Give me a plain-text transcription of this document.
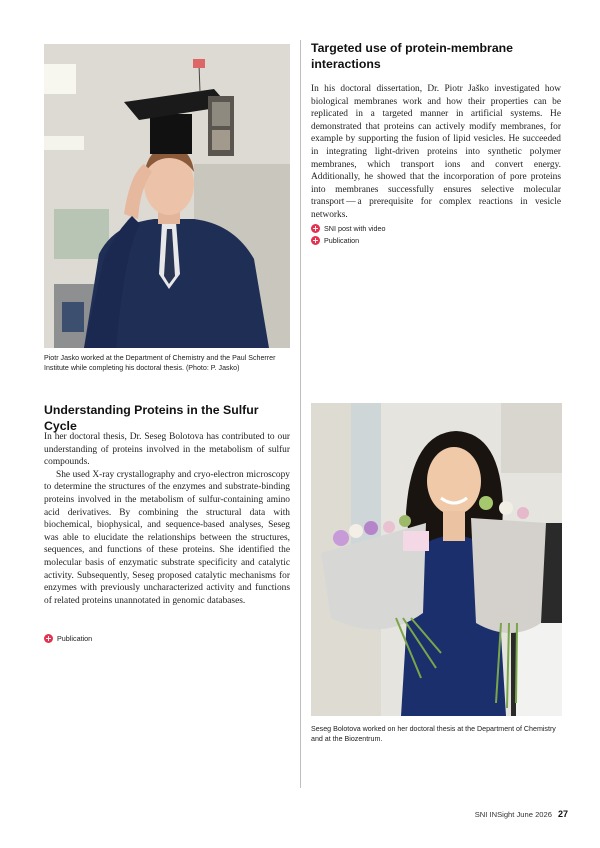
Piotr Jasko worked at the Department of Chemistry and the Paul Scherrer Institute while completing his doctoral thesis. (Photo: P. Jasko)
Targeted use of protein-membrane interactions
In his doctoral dissertation, Dr. Piotr Jaško investigated how biological membranes work and how their properties can be replicated in a targeted manner in artificial systems. He demonstrated that proteins can actively modify membranes, for example by supporting the fusion of lipid vesicles. He succeeded in integrating light-driven proteins into synthetic polymer membranes, which transport ions and convert energy. Additionally, he showed that the incorporation of pore proteins into membranes successfully ensures selective molecular transport — a prerequisite for complex reactions in vesicle networks.
+ SNI post with video
+ Publication
Understanding Proteins in the Sulfur Cycle

In her doctoral thesis, Dr. Seseg Bolotova has contributed to our understanding of proteins involved in the metabolism of sulfur compounds.

She used X-ray crystallography and cryo-electron microscopy to determine the structures of the enzymes and substrate-binding proteins involved in the metabolism of sulfur-containing amino acid derivatives. By combining the structural data with biochemical, biophysical, and sequence-based analyses, Seseg was able to elucidate the relationships between the structures, sequences, and functions of these proteins. She identified the molecular basis of enzymatic substrate specificity and catalytic activity. Subsequently, Seseg proposed catalytic mechanisms for enzymes with previously uncharacterized activity and functions of related proteins unannotated in genomic databases.

+ Publication
Seseg Bolotova worked on her doctoral thesis at the Department of Chemistry and at the Biozentrum.
SNI INSight June 2026 27
